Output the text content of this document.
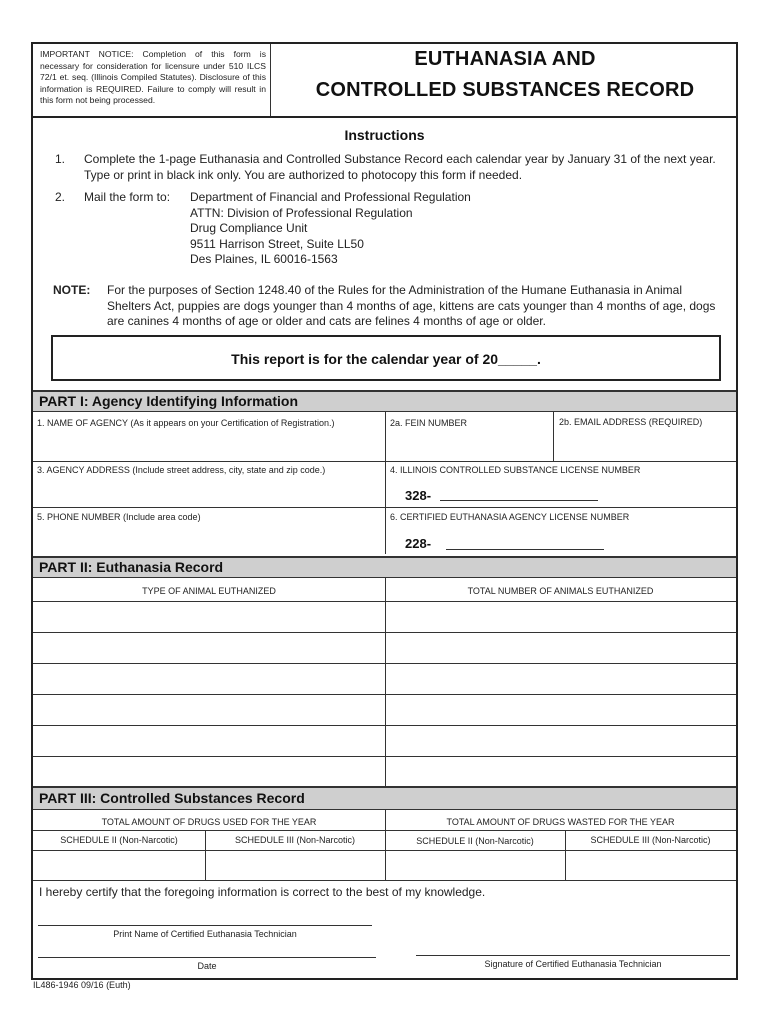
IMPORTANT NOTICE: Completion of this form is necessary for consideration for licensure under 510 ILCS 72/1 et. seq. (Illinois Compiled Statutes). Disclosure of this information is REQUIRED. Failure to comply will result in this form not being processed.
EUTHANASIA AND
CONTROLLED SUBSTANCES RECORD
Instructions
1. Complete the 1-page Euthanasia and Controlled Substance Record each calendar year by January 31 of the next year. Type or print in black ink only. You are authorized to photocopy this form if needed.
2. Mail the form to: Department of Financial and Professional Regulation
ATTN: Division of Professional Regulation
Drug Compliance Unit
9511 Harrison Street, Suite LL50
Des Plaines, IL 60016-1563
NOTE: For the purposes of Section 1248.40 of the Rules for the Administration of the Humane Euthanasia in Animal Shelters Act, puppies are dogs younger than 4 months of age, kittens are cats younger than 4 months of age, dogs are canines 4 months of age or older and cats are felines 4 months of age or older.
This report is for the calendar year of 20_____.
PART I: Agency Identifying Information
1. NAME OF AGENCY (As it appears on your Certification of Registration.)	2a. FEIN NUMBER	2b. EMAIL ADDRESS (REQUIRED)
3. AGENCY ADDRESS (Include street address, city, state and zip code.)	4. ILLINOIS CONTROLLED SUBSTANCE LICENSE NUMBER
328-
5. PHONE NUMBER (Include area code)	6. CERTIFIED EUTHANASIA AGENCY LICENSE NUMBER
228-
PART II: Euthanasia Record
TYPE OF ANIMAL EUTHANIZED	TOTAL NUMBER OF ANIMALS EUTHANIZED
PART III: Controlled Substances Record
TOTAL AMOUNT OF DRUGS USED FOR THE YEAR	TOTAL AMOUNT OF DRUGS WASTED FOR THE YEAR
SCHEDULE II (Non-Narcotic)	SCHEDULE III (Non-Narcotic)	SCHEDULE II (Non-Narcotic)	SCHEDULE III (Non-Narcotic)
I hereby certify that the foregoing information is correct to the best of my knowledge.
Print Name of Certified Euthanasia Technician
Date	Signature of Certified Euthanasia Technician
IL486-1946 09/16 (Euth)
